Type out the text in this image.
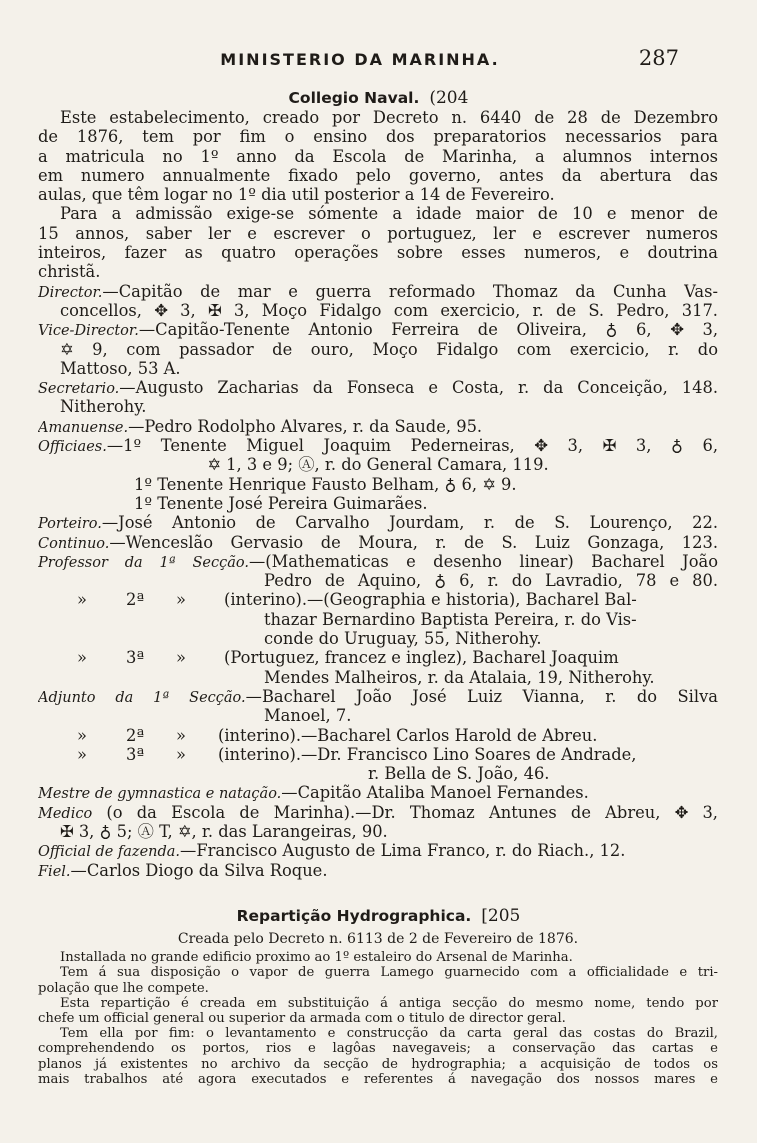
MINISTERIO DA MARINHA.	287
Collegio Naval. (204
Este estabelecimento, creado por Decreto n. 6440 de 28 de Dezembro
de 1876, tem por fim o ensino dos preparatorios necessarios para
a matricula no 1º anno da Escola de Marinha, a alumnos internos
em numero annualmente fixado pelo governo, antes da abertura das
aulas, que têm logar no 1º dia util posterior a 14 de Fevereiro.
Para a admissão exige-se sómente a idade maior de 10 e menor de
15 annos, saber ler e escrever o portuguez, ler e escrever numeros
inteiros, fazer as quatro operações sobre esses numeros, e doutrina
christã.
Director.—Capitão de mar e guerra reformado Thomaz da Cunha Vas-
concellos, ✥ 3, ✠ 3, Moço Fidalgo com exercicio, r. de S. Pedro, 317.
Vice-Director.—Capitão-Tenente Antonio Ferreira de Oliveira, ♁ 6, ✥ 3,
✡ 9, com passador de ouro, Moço Fidalgo com exercicio, r. do
Mattoso, 53 A.
Secretario.—Augusto Zacharias da Fonseca e Costa, r. da Conceição, 148.
Nitherohy.
Amanuense.—Pedro Rodolpho Alvares, r. da Saude, 95.
Officiaes.—1º Tenente Miguel Joaquim Pederneiras, ✥ 3, ✠ 3, ♁ 6,
✡ 1, 3 e 9; Ⓐ, r. do General Camara, 119.
1º Tenente Henrique Fausto Belham, ♁ 6, ✡ 9.
1º Tenente José Pereira Guimarães.
Porteiro.—José Antonio de Carvalho Jourdam, r. de S. Lourenço, 22.
Continuo.—Wenceslão Gervasio de Moura, r. de S. Luiz Gonzaga, 123.
Professor da 1ª Secção.—(Mathematicas e desenho linear) Bacharel João
Pedro de Aquino, ♁ 6, r. do Lavradio, 78 e 80.
» 2ª » (interino).—(Geographia e historia), Bacharel Bal-
thazar Bernardino Baptista Pereira, r. do Vis-
conde do Uruguay, 55, Nitherohy.
» 3ª » (Portuguez, francez e inglez), Bacharel Joaquim
Mendes Malheiros, r. da Atalaia, 19, Nitherohy.
Adjunto da 1ª Secção.—Bacharel João José Luiz Vianna, r. do Silva
Manoel, 7.
» 2ª » (interino).—Bacharel Carlos Harold de Abreu.
» 3ª » (interino).—Dr. Francisco Lino Soares de Andrade,
r. Bella de S. João, 46.
Mestre de gymnastica e natação.—Capitão Ataliba Manoel Fernandes.
Medico (o da Escola de Marinha).—Dr. Thomaz Antunes de Abreu, ✥ 3,
✠ 3, ♁ 5; Ⓐ T, ✡, r. das Larangeiras, 90.
Official de fazenda.—Francisco Augusto de Lima Franco, r. do Riach., 12.
Fiel.—Carlos Diogo da Silva Roque.
Repartição Hydrographica. [205
Creada pelo Decreto n. 6113 de 2 de Fevereiro de 1876.
Installada no grande edificio proximo ao 1º estaleiro do Arsenal de Marinha.
Tem á sua disposição o vapor de guerra Lamego guarnecido com a officialidade e tri-
polação que lhe compete.
Esta repartição é creada em substituição á antiga secção do mesmo nome, tendo por
chefe um official general ou superior da armada com o titulo de director geral.
Tem ella por fim: o levantamento e construcção da carta geral das costas do Brazil,
comprehendendo os portos, rios e lagôas navegaveis; a conservação das cartas e
planos já existentes no archivo da secção de hydrographia; a acquisição de todos os
mais trabalhos até agora executados e referentes á navegação dos nossos mares e
